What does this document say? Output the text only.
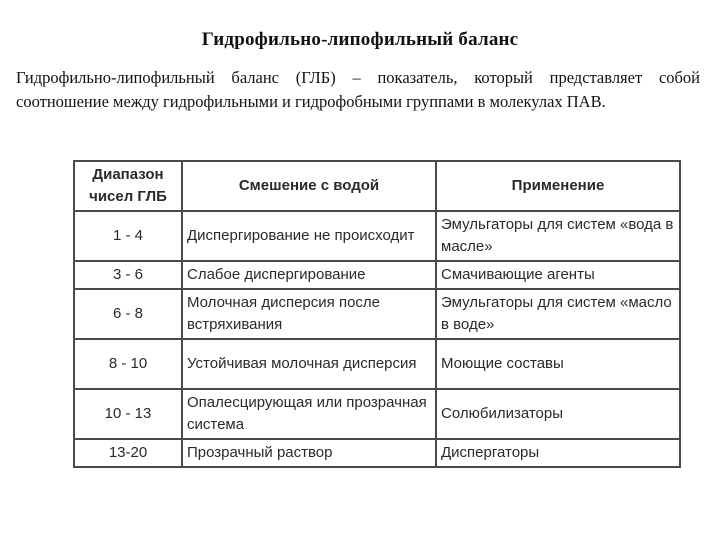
Гидрофильно-липофильный баланс
Гидрофильно-липофильный баланс (ГЛБ) – показатель, который представляет собой соотношение между гидрофильными и гидрофобными группами в молекулах ПАВ.
Диапазон чисел ГЛБ	Смешение с водой	Применение
1 - 4	Диспергирование не происходит	Эмульгаторы для систем «вода в масле»
3 - 6	Слабое диспергирование	Смачивающие агенты
6 - 8	Молочная дисперсия после встряхивания	Эмульгаторы для систем «масло в воде»
8 - 10	Устойчивая молочная дисперсия	Моющие составы
10 - 13	Опалесцирующая или прозрачная система	Солюбилизаторы
13-20	Прозрачный раствор	Диспергаторы
